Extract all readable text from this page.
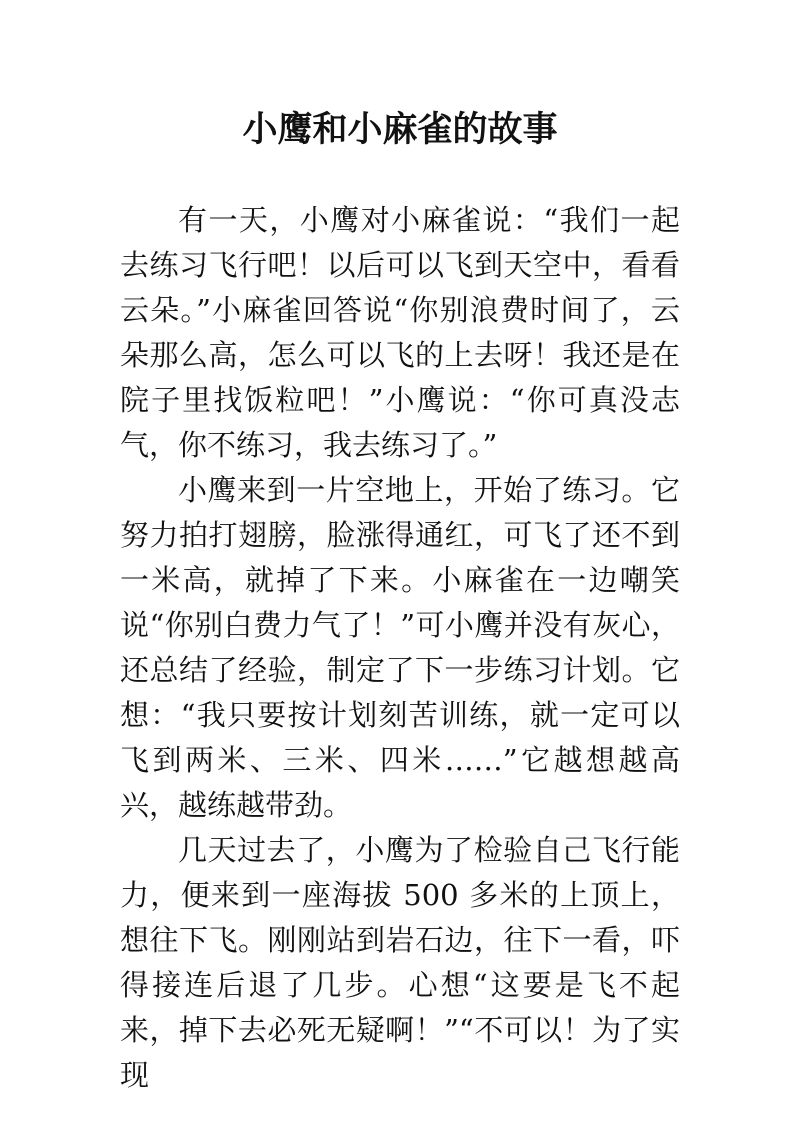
小鹰和小麻雀的故事

有一天，小鹰对小麻雀说：“我们一起去练习飞行吧！以后可以飞到天空中，看看云朵。”小麻雀回答说“你别浪费时间了，云朵那么高，怎么可以飞的上去呀！我还是在院子里找饭粒吧！”小鹰说：“你可真没志气，你不练习，我去练习了。”

小鹰来到一片空地上，开始了练习。它努力拍打翅膀，脸涨得通红，可飞了还不到一米高，就掉了下来。小麻雀在一边嘲笑说“你别白费力气了！”可小鹰并没有灰心，还总结了经验，制定了下一步练习计划。它想：“我只要按计划刻苦训练，就一定可以飞到两米、三米、四米……”它越想越高兴，越练越带劲。

几天过去了，小鹰为了检验自己飞行能力，便来到一座海拔 500 多米的上顶上，想往下飞。刚刚站到岩石边，往下一看，吓得接连后退了几步。心想“这要是飞不起来，掉下去必死无疑啊！”“不可以！为了实现
